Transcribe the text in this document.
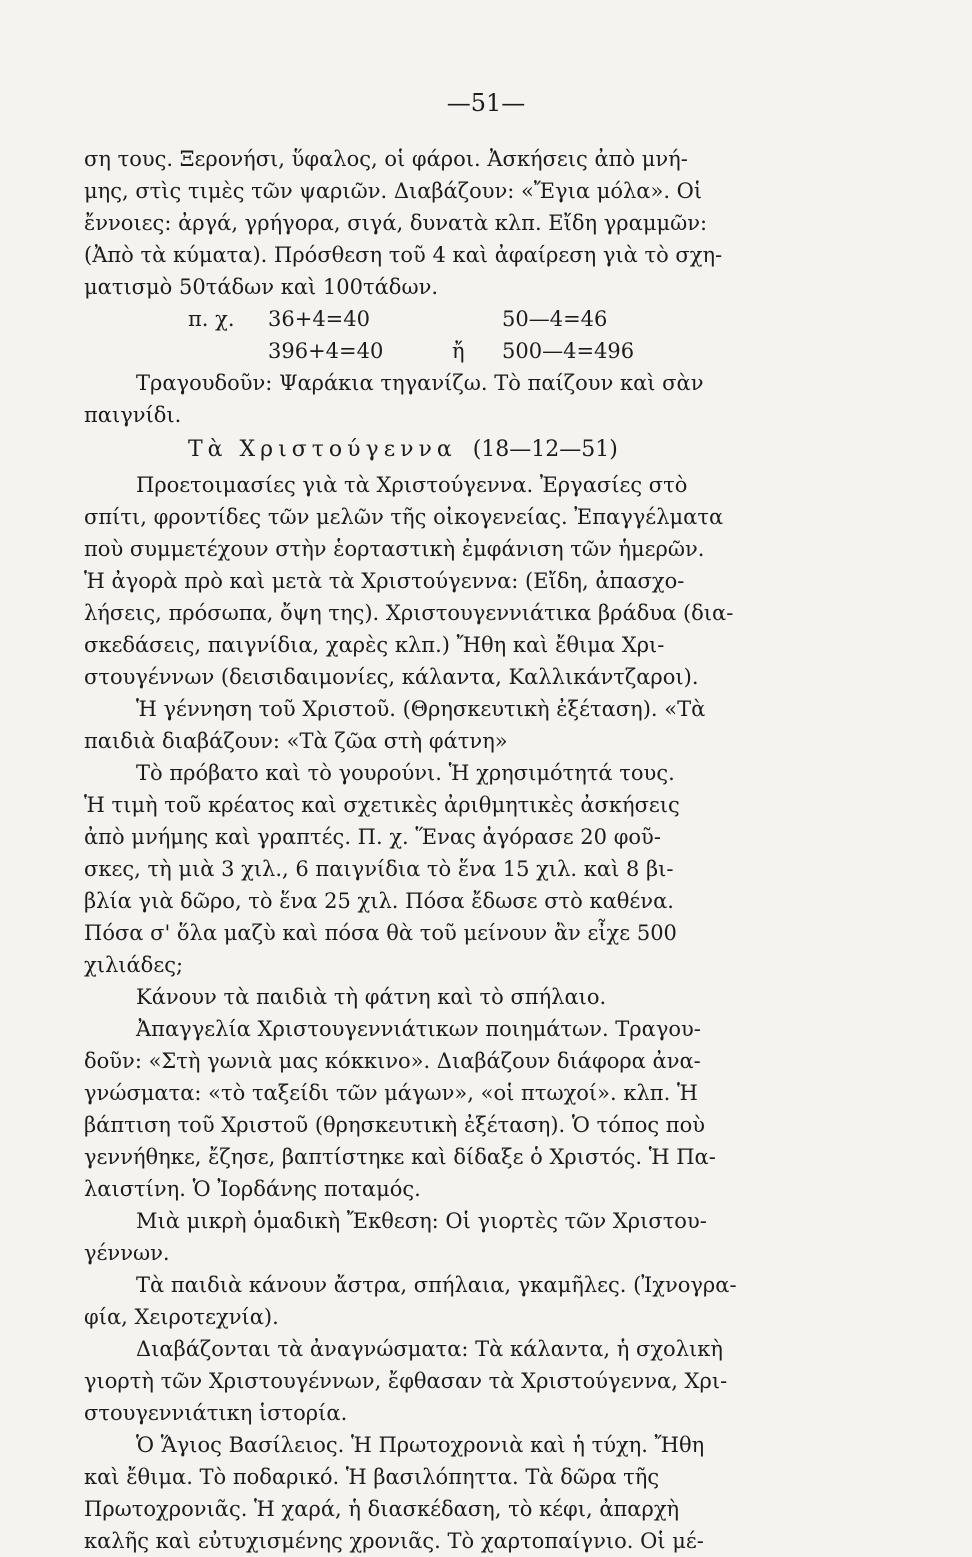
—51—
ση τους. Ξερονήσι, ὕφαλος, οἱ φάροι. Ἀσκήσεις ἀπὸ μνή-
μης, στὶς τιμὲς τῶν ψαριῶν. Διαβάζουν: «Ἔγια μόλα». Οἱ
ἔννοιες: ἀργά, γρήγορα, σιγά, δυνατὰ κλπ. Εἴδη γραμμῶν:
(Ἀπὸ τὰ κύματα). Πρόσθεση τοῦ 4 καὶ ἀφαίρεση γιὰ τὸ σχη-
ματισμὸ 50τάδων καὶ 100τάδων.
π. χ. 36+4=40	50—4=46
396+4=40	ἤ 500—4=496
Τραγουδοῦν: Ψαράκια τηγανίζω. Τὸ παίζουν καὶ σὰν
παιγνίδι.
Τὰ Χριστούγεννα (18—12—51)
Προετοιμασίες γιὰ τὰ Χριστούγεννα. Ἐργασίες στὸ
σπίτι, φροντίδες τῶν μελῶν τῆς οἰκογενείας. Ἐπαγγέλματα
ποὺ συμμετέχουν στὴν ἑορταστικὴ ἐμφάνιση τῶν ἡμερῶν.
Ἡ ἀγορὰ πρὸ καὶ μετὰ τὰ Χριστούγεννα: (Εἴδη, ἀπασχο-
λήσεις, πρόσωπα, ὄψη της). Χριστουγεννιάτικα βράδυα (δια-
σκεδάσεις, παιγνίδια, χαρὲς κλπ.) Ἤθη καὶ ἔθιμα Χρι-
στουγέννων (δεισιδαιμονίες, κάλαντα, Καλλικάντζαροι).
Ἡ γέννηση τοῦ Χριστοῦ. (Θρησκευτικὴ ἐξέταση). «Τὰ
παιδιὰ διαβάζουν: «Τὰ ζῶα στὴ φάτνη»
Τὸ πρόβατο καὶ τὸ γουρούνι. Ἡ χρησιμότητά τους.
Ἡ τιμὴ τοῦ κρέατος καὶ σχετικὲς ἀριθμητικὲς ἀσκήσεις
ἀπὸ μνήμης καὶ γραπτές. Π. χ. Ἕνας ἀγόρασε 20 φοῦ-
σκες, τὴ μιὰ 3 χιλ., 6 παιγνίδια τὸ ἕνα 15 χιλ. καὶ 8 βι-
βλία γιὰ δῶρο, τὸ ἕνα 25 χιλ. Πόσα ἔδωσε στὸ καθένα.
Πόσα σ' ὅλα μαζὺ καὶ πόσα θὰ τοῦ μείνουν ἂν εἶχε 500
χιλιάδες;
Κάνουν τὰ παιδιὰ τὴ φάτνη καὶ τὸ σπήλαιο.
Ἀπαγγελία Χριστουγεννιάτικων ποιημάτων. Τραγου-
δοῦν: «Στὴ γωνιὰ μας κόκκινο». Διαβάζουν διάφορα ἀνα-
γνώσματα: «τὸ ταξείδι τῶν μάγων», «οἱ πτωχοί». κλπ. Ἡ
βάπτιση τοῦ Χριστοῦ (θρησκευτικὴ ἐξέταση). Ὁ τόπος ποὺ
γεννήθηκε, ἔζησε, βαπτίστηκε καὶ δίδαξε ὁ Χριστός. Ἡ Πα-
λαιστίνη. Ὁ Ἰορδάνης ποταμός.
Μιὰ μικρὴ ὁμαδικὴ Ἔκθεση: Οἱ γιορτὲς τῶν Χριστου-
γέννων.
Τὰ παιδιὰ κάνουν ἄστρα, σπήλαια, γκαμῆλες. (Ἰχνογρα-
φία, Χειροτεχνία).
Διαβάζονται τὰ ἀναγνώσματα: Τὰ κάλαντα, ἡ σχολικὴ
γιορτὴ τῶν Χριστουγέννων, ἔφθασαν τὰ Χριστούγεννα, Χρι-
στουγεννιάτικη ἱστορία.
Ὁ Ἅγιος Βασίλειος. Ἡ Πρωτοχρονιὰ καὶ ἡ τύχη. Ἤθη
καὶ ἔθιμα. Τὸ ποδαρικό. Ἡ βασιλόπηττα. Τὰ δῶρα τῆς
Πρωτοχρονιᾶς. Ἡ χαρά, ἡ διασκέδαση, τὸ κέφι, ἀπαρχὴ
καλῆς καὶ εὐτυχισμένης χρονιᾶς. Τὸ χαρτοπαίγνιο. Οἱ μέ-
